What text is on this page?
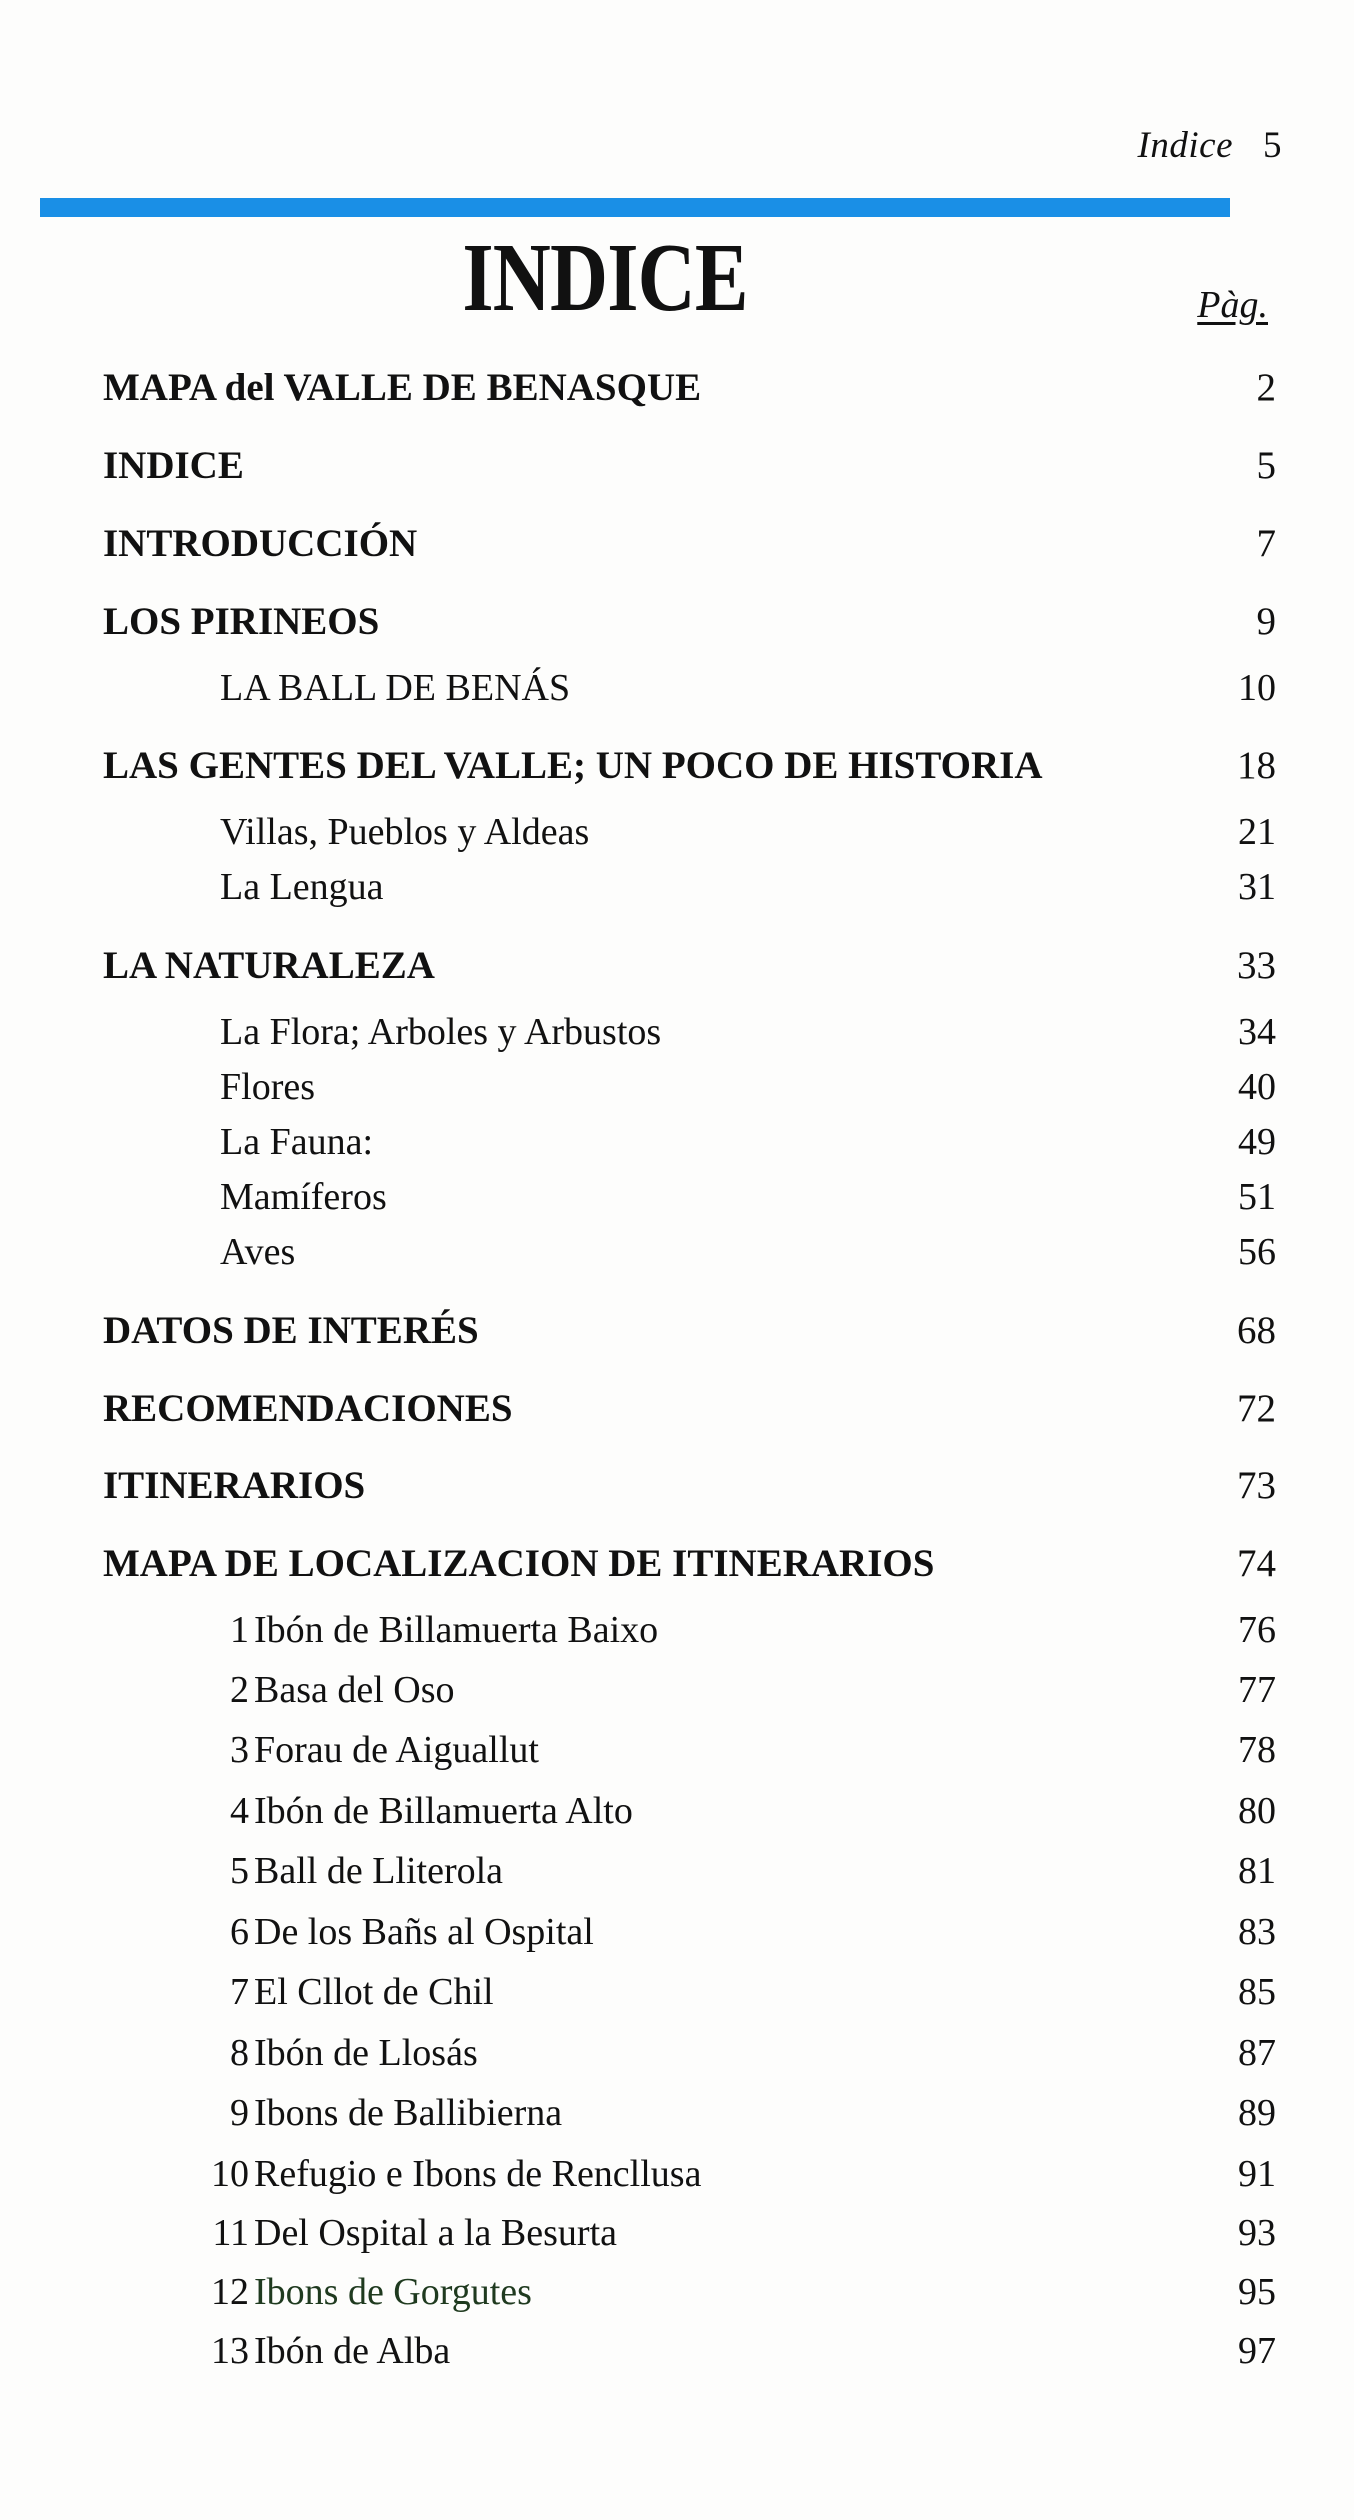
Indice 5
INDICE	Pàg.
MAPA del VALLE DE BENASQUE	2
INDICE	5
INTRODUCCIÓN	7
LOS PIRINEOS	9
LA BALL DE BENÁS	10
LAS GENTES DEL VALLE; UN POCO DE HISTORIA	18
Villas, Pueblos y Aldeas	21
La Lengua	31
LA NATURALEZA	33
La Flora; Arboles y Arbustos	34
Flores	40
La Fauna:	49
Mamíferos	51
Aves	56
DATOS DE INTERÉS	68
RECOMENDACIONES	72
ITINERARIOS	73
MAPA DE LOCALIZACION DE ITINERARIOS	74
1 Ibón de Billamuerta Baixo	76
2 Basa del Oso	77
3 Forau de Aiguallut	78
4 Ibón de Billamuerta Alto	80
5 Ball de Lliterola	81
6 De los Bañs al Ospital	83
7 El Cllot de Chil	85
8 Ibón de Llosás	87
9 Ibons de Ballibierna	89
10 Refugio e Ibons de Rencllusa	91
11 Del Ospital a la Besurta	93
12 Ibons de Gorgutes	95
13 Ibón de Alba	97
